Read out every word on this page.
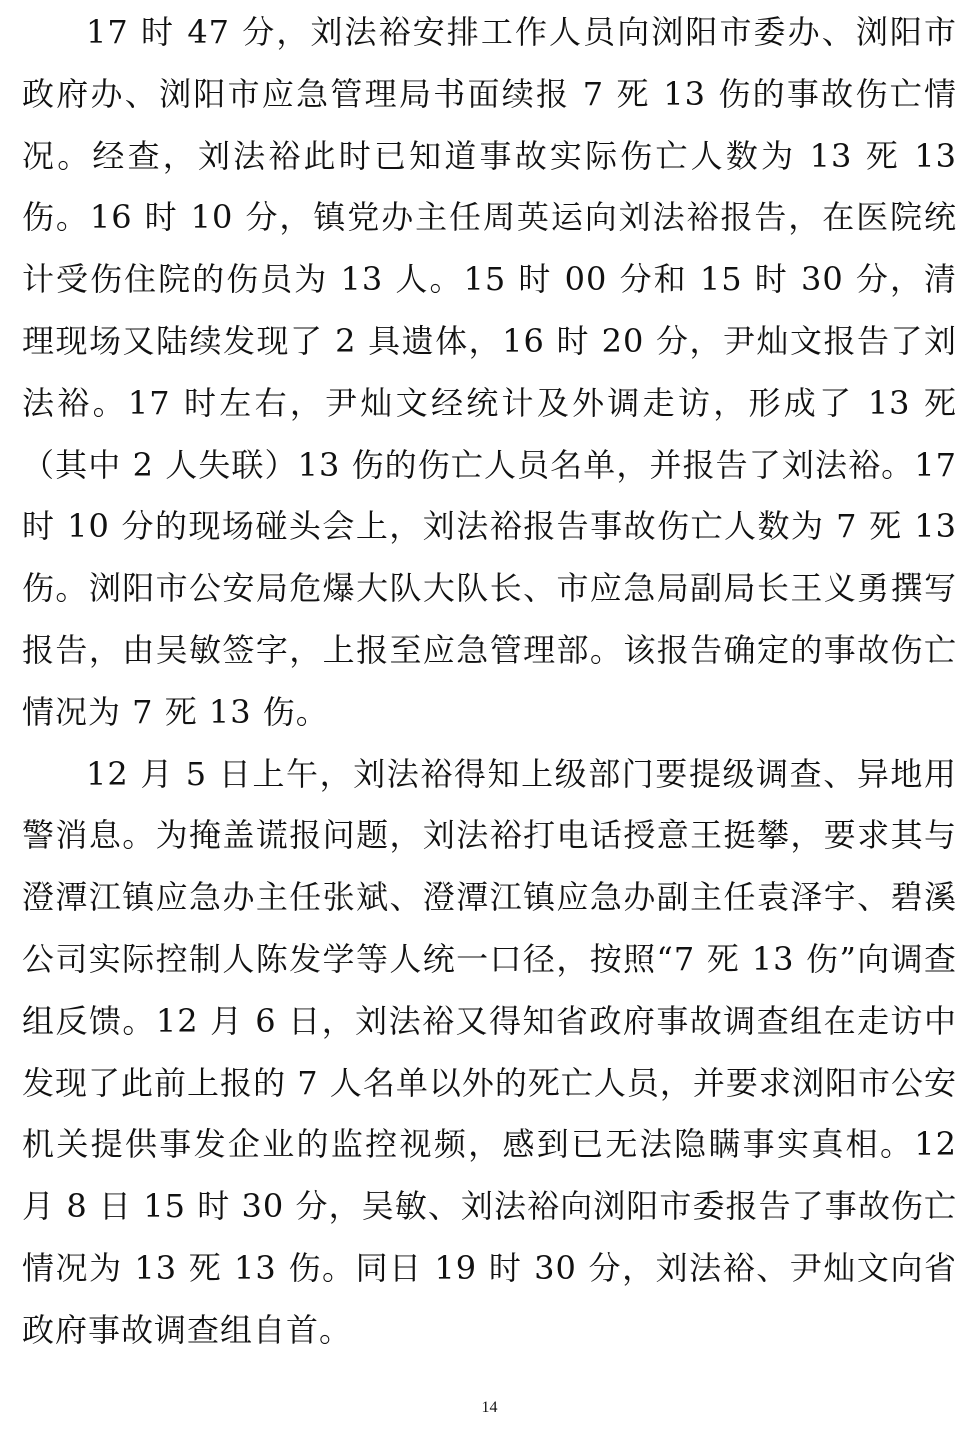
17 时 47 分，刘法裕安排工作人员向浏阳市委办、浏阳市政府办、浏阳市应急管理局书面续报 7 死 13 伤的事故伤亡情况。经查，刘法裕此时已知道事故实际伤亡人数为 13 死 13 伤。16 时 10 分，镇党办主任周英运向刘法裕报告，在医院统计受伤住院的伤员为 13 人。15 时 00 分和 15 时 30 分，清理现场又陆续发现了 2 具遗体，16 时 20 分，尹灿文报告了刘法裕。17 时左右，尹灿文经统计及外调走访，形成了 13 死（其中 2 人失联）13 伤的伤亡人员名单，并报告了刘法裕。17 时 10 分的现场碰头会上，刘法裕报告事故伤亡人数为 7 死 13 伤。浏阳市公安局危爆大队大队长、市应急局副局长王义勇撰写报告，由吴敏签字，上报至应急管理部。该报告确定的事故伤亡情况为 7 死 13 伤。

12 月 5 日上午，刘法裕得知上级部门要提级调查、异地用警消息。为掩盖谎报问题，刘法裕打电话授意王挺攀，要求其与澄潭江镇应急办主任张斌、澄潭江镇应急办副主任袁泽宇、碧溪公司实际控制人陈发学等人统一口径，按照“7 死 13 伤”向调查组反馈。12 月 6 日，刘法裕又得知省政府事故调查组在走访中发现了此前上报的 7 人名单以外的死亡人员，并要求浏阳市公安机关提供事发企业的监控视频，感到已无法隐瞒事实真相。12 月 8 日 15 时 30 分，吴敏、刘法裕向浏阳市委报告了事故伤亡情况为 13 死 13 伤。同日 19 时 30 分，刘法裕、尹灿文向省政府事故调查组自首。

14
